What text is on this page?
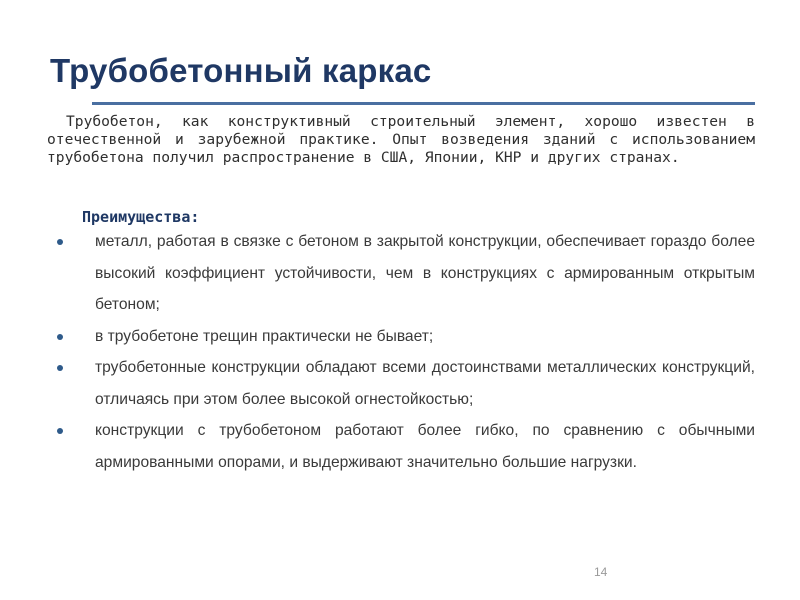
Трубобетонный каркас

Трубобетон, как конструктивный строительный элемент, хорошо известен в отечественной и зарубежной практике. Опыт возведения зданий с использованием трубобетона получил распространение в США, Японии, КНР и других странах.

Преимущества:
металл, работая в связке с бетоном в закрытой конструкции, обеспечивает гораздо более высокий коэффициент устойчивости, чем в конструкциях с армированным открытым бетоном;
в трубобетоне трещин практически не бывает;
трубобетонные конструкции обладают всеми достоинствами металлических конструкций, отличаясь при этом более высокой огнестойкостью;
конструкции с трубобетоном работают более гибко, по сравнению с обычными армированными опорами, и выдерживают значительно большие нагрузки.
14
